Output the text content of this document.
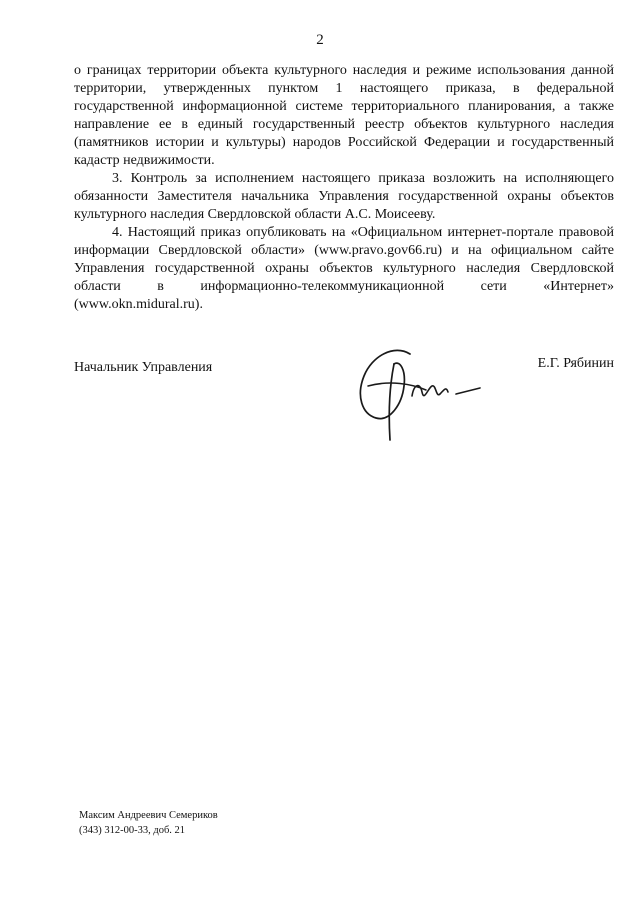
2

о границах территории объекта культурного наследия и режиме использования данной территории, утвержденных пунктом 1 настоящего приказа, в федеральной государственной информационной системе территориального планирования, а также направление ее в единый государственный реестр объектов культурного наследия (памятников истории и культуры) народов Российской Федерации и государственный кадастр недвижимости.

3. Контроль за исполнением настоящего приказа возложить на исполняющего обязанности Заместителя начальника Управления государственной охраны объектов культурного наследия Свердловской области А.С. Моисееву.

4. Настоящий приказ опубликовать на «Официальном интернет-портале правовой информации Свердловской области» (www.pravo.gov66.ru) и на официальном сайте Управления государственной охраны объектов культурного наследия Свердловской области в информационно-телекоммуникационной сети «Интернет» (www.okn.midural.ru).

Начальник Управления	Е.Г. Рябинин
Максим Андреевич Семериков
(343) 312-00-33, доб. 21
